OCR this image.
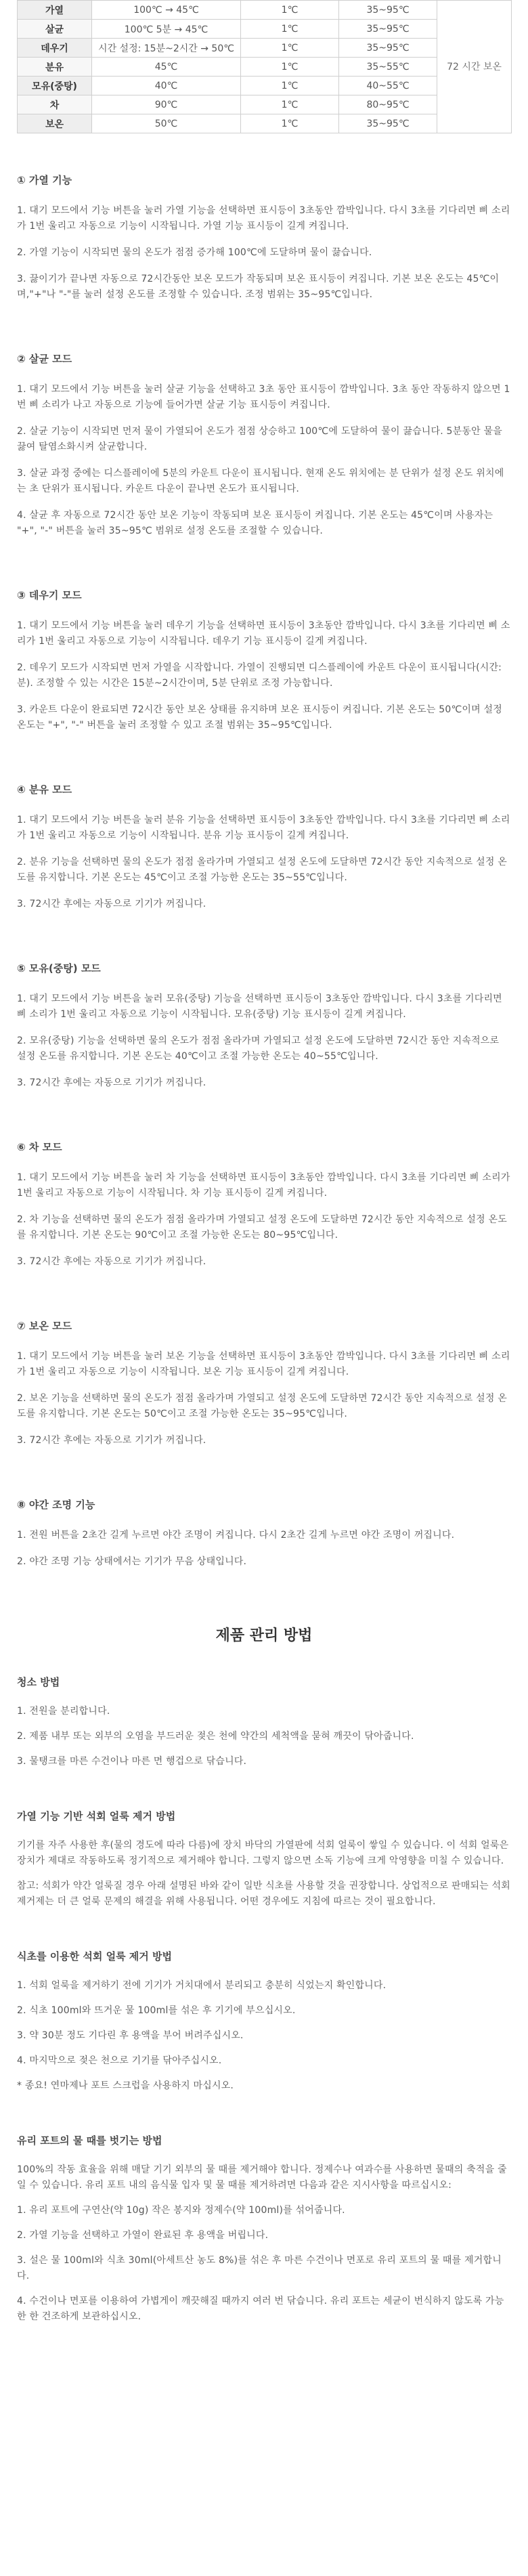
가열	100℃ → 45℃	1℃	35~95℃	72 시간 보온
살균	100℃ 5분 → 45℃	1℃	35~95℃	
데우기	시간 설정: 15분~2시간 → 50℃	1℃	35~95℃	
분유	45℃	1℃	35~55℃	
모유(중탕)	40℃	1℃	40~55℃	
차	90℃	1℃	80~95℃	
보온	50℃	1℃	35~95℃	

① 가열 기능

1. 대기 모드에서 기능 버튼을 눌러 가열 기능을 선택하면 표시등이 3초동안 깜박입니다. 다시 3초를 기다리면 삐 소리가 1번 울리고 자동으로 기능이 시작됩니다. 가열 기능 표시등이 길게 켜집니다.

2. 가열 기능이 시작되면 물의 온도가 점점 증가해 100℃에 도달하며 물이 끓습니다.

3. 끓이기가 끝나면 자동으로 72시간동안 보온 모드가 작동되며 보온 표시등이 켜집니다. 기본 보온 온도는 45℃이며,"+"나 "-"를 눌러 설정 온도를 조정할 수 있습니다. 조정 범위는 35~95℃입니다.

② 살균 모드

1. 대기 모드에서 기능 버튼을 눌러 살균 기능을 선택하고 3초 동안 표시등이 깜박입니다. 3초 동안 작동하지 않으면 1번 삐 소리가 나고 자동으로 기능에 들어가면 살균 기능 표시등이 켜집니다.

2. 살균 기능이 시작되면 먼저 물이 가열되어 온도가 점점 상승하고 100℃에 도달하여 물이 끓습니다. 5분동안 물을 끓여 탈염소화시켜 살균합니다.

3. 살균 과정 중에는 디스플레이에 5분의 카운트 다운이 표시됩니다. 현재 온도 위치에는 분 단위가 설정 온도 위치에는 초 단위가 표시됩니다. 카운트 다운이 끝나면 온도가 표시됩니다.

4. 살균 후 자동으로 72시간 동안 보온 기능이 작동되며 보온 표시등이 켜집니다. 기본 온도는 45℃이며 사용자는 "+", "-" 버튼을 눌러 35~95℃ 범위로 설정 온도를 조절할 수 있습니다.

③ 데우기 모드

1. 대기 모드에서 기능 버튼을 눌러 데우기 기능을 선택하면 표시등이 3초동안 깜박입니다. 다시 3초를 기다리면 삐 소리가 1번 울리고 자동으로 기능이 시작됩니다. 데우기 기능 표시등이 길게 켜집니다.

2. 데우기 모드가 시작되면 먼저 가열을 시작합니다. 가열이 진행되면 디스플레이에 카운트 다운이 표시됩니다(시간:분). 조정할 수 있는 시간은 15분~2시간이며, 5분 단위로 조정 가능합니다.

3. 카운트 다운이 완료되면 72시간 동안 보온 상태를 유지하며 보온 표시등이 켜집니다. 기본 온도는 50℃이며 설정 온도는 "+", "-" 버튼을 눌러 조정할 수 있고 조절 범위는 35~95℃입니다.

④ 분유 모드

1. 대기 모드에서 기능 버튼을 눌러 분유 기능을 선택하면 표시등이 3초동안 깜박입니다. 다시 3초를 기다리면 삐 소리가 1번 울리고 자동으로 기능이 시작됩니다. 분유 기능 표시등이 길게 켜집니다.

2. 분유 기능을 선택하면 물의 온도가 점점 올라가며 가열되고 설정 온도에 도달하면 72시간 동안 지속적으로 설정 온도를 유지합니다. 기본 온도는 45℃이고 조절 가능한 온도는 35~55℃입니다.

3. 72시간 후에는 자동으로 기기가 꺼집니다.

⑤ 모유(중탕) 모드

1. 대기 모드에서 기능 버튼을 눌러 모유(중탕) 기능을 선택하면 표시등이 3초동안 깜박입니다. 다시 3초를 기다리면 삐 소리가 1번 울리고 자동으로 기능이 시작됩니다. 모유(중탕) 기능 표시등이 길게 켜집니다.

2. 모유(중탕) 기능을 선택하면 물의 온도가 점점 올라가며 가열되고 설정 온도에 도달하면 72시간 동안 지속적으로 설정 온도를 유지합니다. 기본 온도는 40℃이고 조절 가능한 온도는 40~55℃입니다.

3. 72시간 후에는 자동으로 기기가 꺼집니다.

⑥ 차 모드

1. 대기 모드에서 기능 버튼을 눌러 차 기능을 선택하면 표시등이 3초동안 깜박입니다. 다시 3초를 기다리면 삐 소리가 1번 울리고 자동으로 기능이 시작됩니다. 차 기능 표시등이 길게 켜집니다.

2. 차 기능을 선택하면 물의 온도가 점점 올라가며 가열되고 설정 온도에 도달하면 72시간 동안 지속적으로 설정 온도를 유지합니다. 기본 온도는 90℃이고 조절 가능한 온도는 80~95℃입니다.

3. 72시간 후에는 자동으로 기기가 꺼집니다.

⑦ 보온 모드

1. 대기 모드에서 기능 버튼을 눌러 보온 기능을 선택하면 표시등이 3초동안 깜박입니다. 다시 3초를 기다리면 삐 소리가 1번 울리고 자동으로 기능이 시작됩니다. 보온 기능 표시등이 길게 켜집니다.

2. 보온 기능을 선택하면 물의 온도가 점점 올라가며 가열되고 설정 온도에 도달하면 72시간 동안 지속적으로 설정 온도를 유지합니다. 기본 온도는 50℃이고 조절 가능한 온도는 35~95℃입니다.

3. 72시간 후에는 자동으로 기기가 꺼집니다.

⑧ 야간 조명 기능

1. 전원 버튼을 2초간 길게 누르면 야간 조명이 켜집니다. 다시 2초간 길게 누르면 야간 조명이 꺼집니다.

2. 야간 조명 기능 상태에서는 기기가 무음 상태입니다.

제품 관리 방법

청소 방법

1. 전원을 분리합니다.

2. 제품 내부 또는 외부의 오염을 부드러운 젖은 천에 약간의 세척액을 묻혀 깨끗이 닦아줍니다.

3. 물탱크를 마른 수건이나 마른 면 행겁으로 닦습니다.

가열 기능 기반 석회 얼룩 제거 방법

기기를 자주 사용한 후(물의 경도에 따라 다름)에 장치 바닥의 가열판에 석회 얼룩이 쌓일 수 있습니다. 이 석회 얼룩은 장치가 제대로 작동하도록 정기적으로 제거해야 합니다. 그렇지 않으면 소독 기능에 크게 악영향을 미칠 수 있습니다.

참고: 석회가 약간 얼룩질 경우 아래 설명된 바와 같이 일반 식초를 사용할 것을 권장합니다. 상업적으로 판매되는 석회 제거제는 더 큰 얼룩 문제의 해결을 위해 사용됩니다. 어떤 경우에도 지침에 따르는 것이 필요합니다.

식초를 이용한 석회 얼룩 제거 방법

1. 석회 얼룩을 제거하기 전에 기기가 거치대에서 분리되고 충분히 식었는지 확인합니다.

2. 식초 100ml와 뜨거운 물 100ml를 섞은 후 기기에 부으십시오.

3. 약 30분 정도 기다린 후 용액을 부어 버려주십시오.

4. 마지막으로 젖은 천으로 기기를 닦아주십시오.

* 종요! 연마제나 포트 스크럽을 사용하지 마십시오.

유리 포트의 물 때를 벗기는 방법

100%의 작동 효율을 위해 매달 기기 외부의 물 때를 제거해야 합니다. 정제수나 여과수를 사용하면 물때의 축적을 줄일 수 있습니다. 유리 포트 내의 음식물 입자 및 물 때를 제거하려면 다음과 같은 지시사항을 따르십시오:

1. 유리 포트에 구연산(약 10g) 작은 봉지와 정제수(약 100ml)를 섞어줍니다.

2. 가열 기능을 선택하고 가열이 완료된 후 용액을 버립니다.

3. 설은 물 100ml와 식초 30ml(아세트산 농도 8%)를 섞은 후 마른 수건이나 면포로 유리 포트의 물 때를 제거합니다.

4. 수건이나 면포를 이용하여 가볍게이 깨끗해질 때까지 여러 번 닦습니다. 유리 포트는 세균이 번식하지 않도록 가능한 한 건조하게 보관하십시오.
